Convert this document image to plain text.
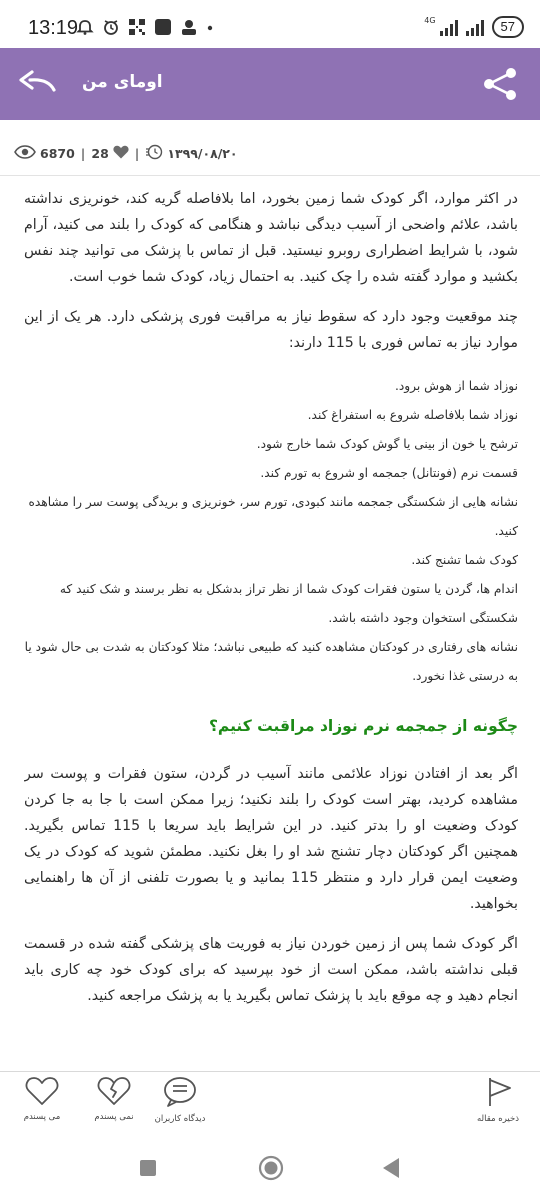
13:19	4G	57
اومای من
6870 | 28 | ۱۳۹۹/۰۸/۲۰

در اکثر موارد، اگر کودک شما زمین بخورد، اما بلافاصله گریه کند، خونریزی نداشته باشد، علائم واضحی از آسیب دیدگی نباشد و هنگامی که کودک را بلند می کنید، آرام شود، با شرایط اضطراری روبرو نیستید. قبل از تماس با پزشک می توانید چند نفس بکشید و موارد گفته شده را چک کنید. به احتمال زیاد، کودک شما خوب است.

چند موقعیت وجود دارد که سقوط نیاز به مراقبت فوری پزشکی دارد. هر یک از این موارد نیاز به تماس فوری با 115 دارند:

نوزاد شما از هوش برود.

نوزاد شما بلافاصله شروع به استفراغ کند.

ترشح یا خون از بینی یا گوش کودک شما خارج شود.

قسمت نرم (فونتانل) جمجمه او شروع به تورم کند.

نشانه هایی از شکستگی جمجمه مانند کبودی، تورم سر، خونریزی و بریدگی پوست سر را مشاهده کنید.

کودک شما تشنج کند.

اندام ها، گردن یا ستون فقرات کودک شما از نظر تراز بدشکل به نظر برسند و شک کنید که شکستگی استخوان وجود داشته باشد.

نشانه های رفتاری در کودکتان مشاهده کنید که طبیعی نباشد؛ مثلا کودکتان به شدت بی حال شود یا به درستی غذا نخورد.

چگونه از جمجمه نرم نوزاد مراقبت کنیم؟

اگر بعد از افتادن نوزاد علائمی مانند آسیب در گردن، ستون فقرات و پوست سر مشاهده کردید، بهتر است کودک را بلند نکنید؛ زیرا ممکن است با جا به جا کردن کودک وضعیت او را بدتر کنید. در این شرایط باید سریعا با 115 تماس بگیرید. همچنین اگر کودکتان دچار تشنج شد او را بغل نکنید. مطمئن شوید که کودک در یک وضعیت ایمن قرار دارد و منتظر 115 بمانید و یا بصورت تلفنی از آن ها راهنمایی بخواهید.

اگر کودک شما پس از زمین خوردن نیاز به فوریت های پزشکی گفته شده در قسمت قبلی نداشته باشد، ممکن است از خود بپرسید که برای کودک خود چه کاری باید انجام دهید و چه موقع باید با پزشک تماس بگیرید یا به پزشک مراجعه کنید.

می پسندم	نمی پسندم	دیدگاه کاربران	ذخیره مقاله
